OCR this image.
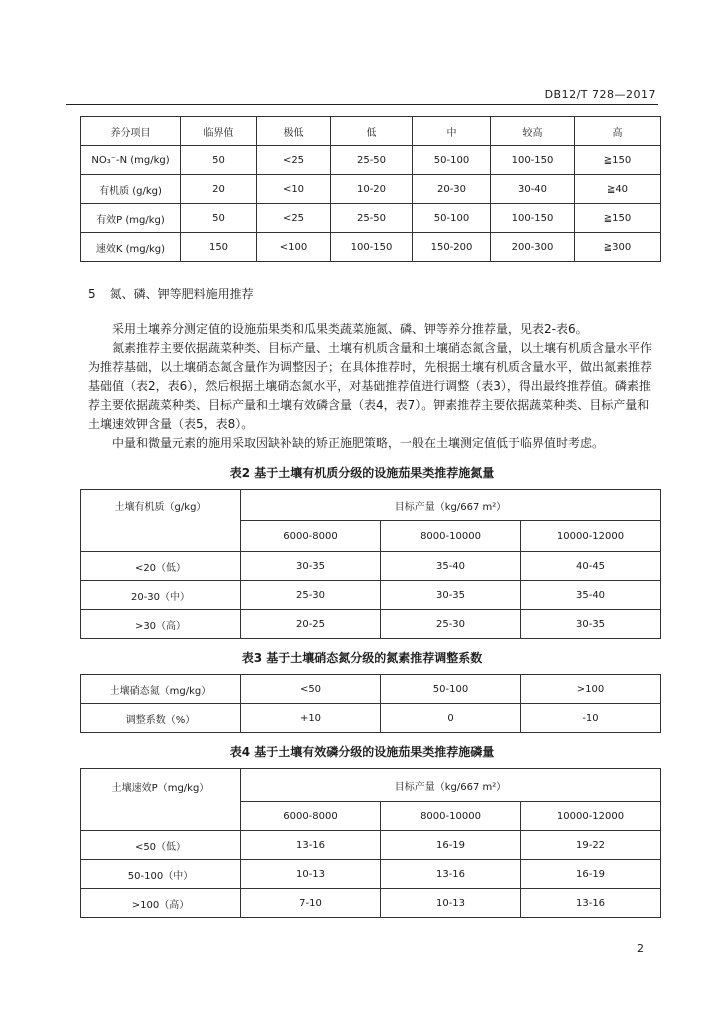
DB12/T 728—2017
养分项目	临界值	极低	低	中	较高	高
NO₃⁻-N (mg/kg)	50	<25	25-50	50-100	100-150	≧150
有机质 (g/kg)	20	<10	10-20	20-30	30-40	≧40
有效P (mg/kg)	50	<25	25-50	50-100	100-150	≧150
速效K (mg/kg)	150	<100	100-150	150-200	200-300	≧300
5 氮、磷、钾等肥料施用推荐

采用土壤养分测定值的设施茄果类和瓜果类蔬菜施氮、磷、钾等养分推荐量，见表2-表6。

氮素推荐主要依据蔬菜种类、目标产量、土壤有机质含量和土壤硝态氮含量，以土壤有机质含量水平作为推荐基础，以土壤硝态氮含量作为调整因子；在具体推荐时，先根据土壤有机质含量水平，做出氮素推荐基础值（表2，表6），然后根据土壤硝态氮水平，对基础推荐值进行调整（表3），得出最终推荐值。磷素推荐主要依据蔬菜种类、目标产量和土壤有效磷含量（表4，表7）。钾素推荐主要依据蔬菜种类、目标产量和土壤速效钾含量（表5，表8）。

中量和微量元素的施用采取因缺补缺的矫正施肥策略，一般在土壤测定值低于临界值时考虑。

表2 基于土壤有机质分级的设施茄果类推荐施氮量
土壤有机质（g/kg）	目标产量（kg/667 m²）		
	6000-8000	8000-10000	10000-12000
<20（低）	30-35	35-40	40-45
20-30（中）	25-30	30-35	35-40
>30（高）	20-25	25-30	30-35
表3 基于土壤硝态氮分级的氮素推荐调整系数
土壤硝态氮（mg/kg）	<50	50-100	>100
调整系数（%）	+10	0	-10
表4 基于土壤有效磷分级的设施茄果类推荐施磷量
土壤速效P（mg/kg）	目标产量（kg/667 m²）		
	6000-8000	8000-10000	10000-12000
<50（低）	13-16	16-19	19-22
50-100（中）	10-13	13-16	16-19
>100（高）	7-10	10-13	13-16
2
